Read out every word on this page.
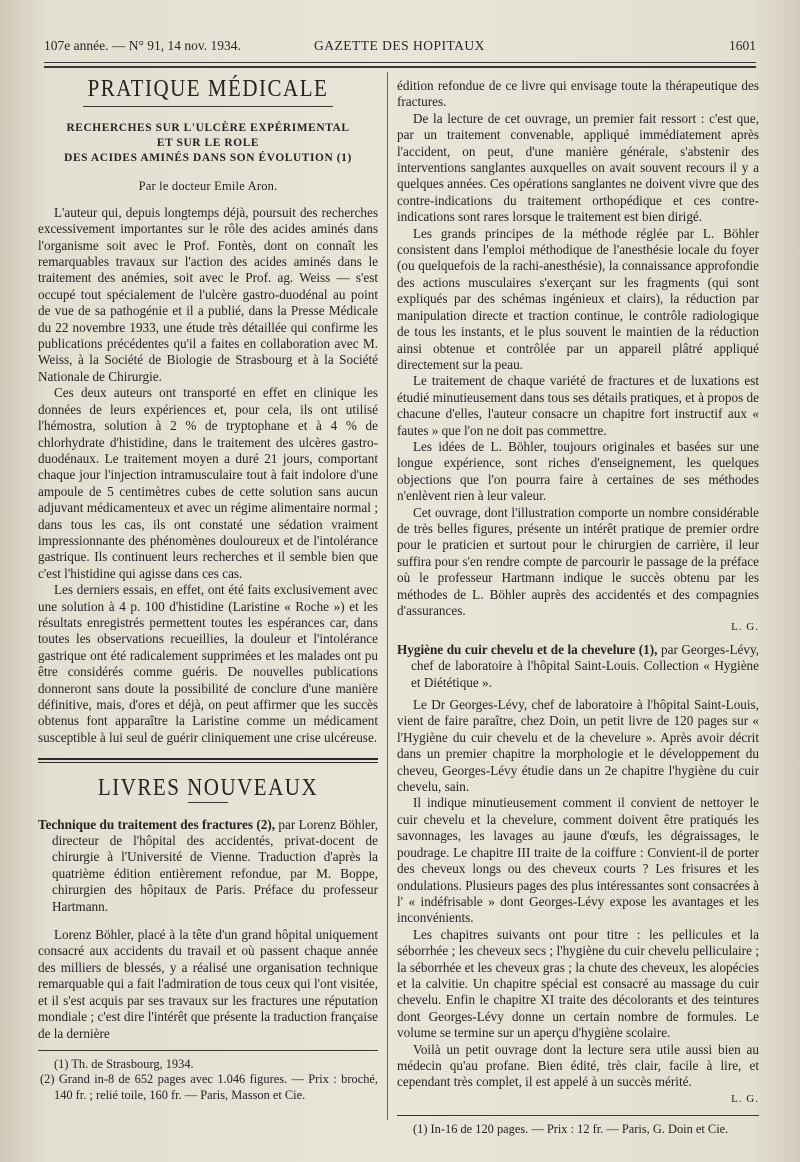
107e année. — N° 91, 14 nov. 1934.	GAZETTE DES HOPITAUX	1601
PRATIQUE MÉDICALE
RECHERCHES SUR L'ULCÈRE EXPÉRIMENTAL
ET SUR LE ROLE
DES ACIDES AMINÉS DANS SON ÉVOLUTION (1)
Par le docteur Emile Aron.

L'auteur qui, depuis longtemps déjà, poursuit des recherches excessivement importantes sur le rôle des acides aminés dans l'organisme soit avec le Prof. Fontès, dont on connaît les remarquables travaux sur l'action des acides aminés dans le traitement des anémies, soit avec le Prof. ag. Weiss — s'est occupé tout spécialement de l'ulcère gastro-duodénal au point de vue de sa pathogénie et il a publié, dans la Presse Médicale du 22 novembre 1933, une étude très détaillée qui confirme les publications précédentes qu'il a faites en collaboration avec M. Weiss, à la Société de Biologie de Strasbourg et à la Société Nationale de Chirurgie.

Ces deux auteurs ont transporté en effet en clinique les données de leurs expériences et, pour cela, ils ont utilisé l'hémostra, solution à 2 % de tryptophane et à 4 % de chlorhydrate d'histidine, dans le traitement des ulcères gastro-duodénaux. Le traitement moyen a duré 21 jours, comportant chaque jour l'injection intramusculaire tout à fait indolore d'une ampoule de 5 centimètres cubes de cette solution sans aucun adjuvant médicamenteux et avec un régime alimentaire normal ; dans tous les cas, ils ont constaté une sédation vraiment impressionnante des phénomènes douloureux et de l'intolérance gastrique. Ils continuent leurs recherches et il semble bien que c'est l'histidine qui agisse dans ces cas.

Les derniers essais, en effet, ont été faits exclusivement avec une solution à 4 p. 100 d'histidine (Laristine « Roche ») et les résultats enregistrés permettent toutes les espérances car, dans toutes les observations recueillies, la douleur et l'intolérance gastrique ont été radicalement supprimées et les malades ont pu être considérés comme guéris. De nouvelles publications donneront sans doute la possibilité de conclure d'une manière définitive, mais, d'ores et déjà, on peut affirmer que les succès obtenus font apparaître la Laristine comme un médicament susceptible à lui seul de guérir cliniquement une crise ulcéreuse.

LIVRES NOUVEAUX

Technique du traitement des fractures (2), par Lorenz Böhler, directeur de l'hôpital des accidentés, privat-docent de chirurgie à l'Université de Vienne. Traduction d'après la quatrième édition entièrement refondue, par M. Boppe, chirurgien des hôpitaux de Paris. Préface du professeur Hartmann.

Lorenz Böhler, placé à la tête d'un grand hôpital uniquement consacré aux accidents du travail et où passent chaque année des milliers de blessés, y a réalisé une organisation technique remarquable qui a fait l'admiration de tous ceux qui l'ont visitée, et il s'est acquis par ses travaux sur les fractures une réputation mondiale ; c'est dire l'intérêt que présente la traduction française de la dernière

(1) Th. de Strasbourg, 1934.

(2) Grand in-8 de 652 pages avec 1.046 figures. — Prix : broché, 140 fr. ; relié toile, 160 fr. — Paris, Masson et Cie.

édition refondue de ce livre qui envisage toute la thérapeutique des fractures.

De la lecture de cet ouvrage, un premier fait ressort : c'est que, par un traitement convenable, appliqué immédiatement après l'accident, on peut, d'une manière générale, s'abstenir des interventions sanglantes auxquelles on avait souvent recours il y a quelques années. Ces opérations sanglantes ne doivent vivre que des contre-indications du traitement orthopédique et ces contre-indications sont rares lorsque le traitement est bien dirigé.

Les grands principes de la méthode réglée par L. Böhler consistent dans l'emploi méthodique de l'anesthésie locale du foyer (ou quelquefois de la rachi-anesthésie), la connaissance approfondie des actions musculaires s'exerçant sur les fragments (qui sont expliqués par des schémas ingénieux et clairs), la réduction par manipulation directe et traction continue, le contrôle radiologique de tous les instants, et le plus souvent le maintien de la réduction ainsi obtenue et contrôlée par un appareil plâtré appliqué directement sur la peau.

Le traitement de chaque variété de fractures et de luxations est étudié minutieusement dans tous ses détails pratiques, et à propos de chacune d'elles, l'auteur consacre un chapitre fort instructif aux « fautes » que l'on ne doit pas commettre.

Les idées de L. Böhler, toujours originales et basées sur une longue expérience, sont riches d'enseignement, les quelques objections que l'on pourra faire à certaines de ses méthodes n'enlèvent rien à leur valeur.

Cet ouvrage, dont l'illustration comporte un nombre considérable de très belles figures, présente un intérêt pratique de premier ordre pour le praticien et surtout pour le chirurgien de carrière, il leur suffira pour s'en rendre compte de parcourir le passage de la préface où le professeur Hartmann indique le succès obtenu par les méthodes de L. Böhler auprès des accidentés et des compagnies d'assurances.

L. G.

Hygiène du cuir chevelu et de la chevelure (1), par Georges-Lévy, chef de laboratoire à l'hôpital Saint-Louis. Collection « Hygiène et Diététique ».

Le Dr Georges-Lévy, chef de laboratoire à l'hôpital Saint-Louis, vient de faire paraître, chez Doin, un petit livre de 120 pages sur « l'Hygiène du cuir chevelu et de la chevelure ». Après avoir décrit dans un premier chapitre la morphologie et le développement du cheveu, Georges-Lévy étudie dans un 2e chapitre l'hygiène du cuir chevelu, sain.

Il indique minutieusement comment il convient de nettoyer le cuir chevelu et la chevelure, comment doivent être pratiqués les savonnages, les lavages au jaune d'œufs, les dégraissages, le poudrage. Le chapitre III traite de la coiffure : Convient-il de porter des cheveux longs ou des cheveux courts ? Les frisures et les ondulations. Plusieurs pages des plus intéressantes sont consacrées à l' « indéfrisable » dont Georges-Lévy expose les avantages et les inconvénients.

Les chapitres suivants ont pour titre : les pellicules et la séborrhée ; les cheveux secs ; l'hygiène du cuir chevelu pelliculaire ; la séborrhée et les cheveux gras ; la chute des cheveux, les alopécies et la calvitie. Un chapitre spécial est consacré au massage du cuir chevelu. Enfin le chapitre XI traite des décolorants et des teintures dont Georges-Lévy donne un certain nombre de formules. Le volume se termine sur un aperçu d'hygiène scolaire.

Voilà un petit ouvrage dont la lecture sera utile aussi bien au médecin qu'au profane. Bien édité, très clair, facile à lire, et cependant très complet, il est appelé à un succès mérité.

L. G.

(1) In-16 de 120 pages. — Prix : 12 fr. — Paris, G. Doin et Cie.
